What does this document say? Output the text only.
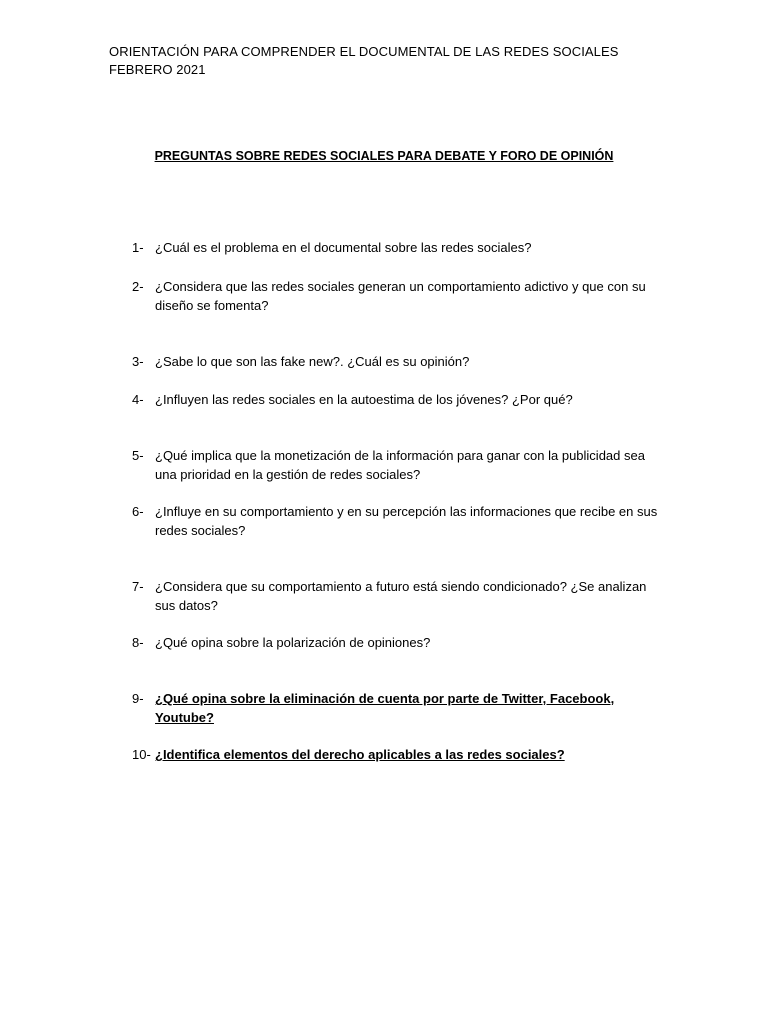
ORIENTACIÓN PARA COMPRENDER EL DOCUMENTAL DE LAS REDES SOCIALES
FEBRERO 2021
PREGUNTAS SOBRE REDES SOCIALES PARA DEBATE Y FORO DE OPINIÓN
1- ¿Cuál es el problema en el documental sobre las redes sociales?
2- ¿Considera que las redes sociales generan un comportamiento adictivo y que con su diseño se fomenta?
3- ¿Sabe lo que son las fake new?. ¿Cuál es su opinión?
4- ¿Influyen las redes sociales en la autoestima de los jóvenes? ¿Por qué?
5- ¿Qué implica que la monetización de la información para ganar con la publicidad sea una prioridad en la gestión de redes sociales?
6- ¿Influye en su comportamiento y en su percepción las informaciones que recibe en sus redes sociales?
7- ¿Considera que su comportamiento a futuro está siendo condicionado? ¿Se analizan sus datos?
8- ¿Qué opina sobre la polarización de opiniones?
9- ¿Qué opina sobre la eliminación de cuenta por parte de Twitter, Facebook, Youtube?
10- ¿Identifica elementos del derecho aplicables a las redes sociales?
